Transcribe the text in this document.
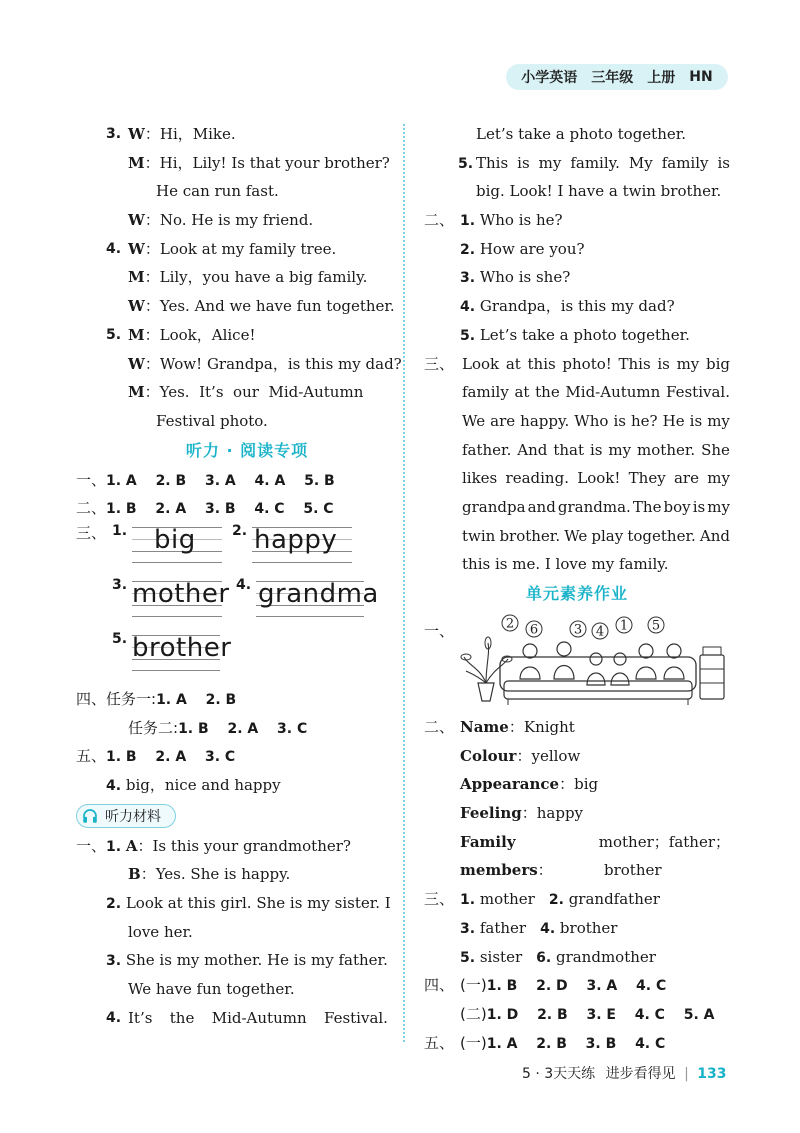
小学英语 三年级 上册 HN
3. W：Hi，Mike.
M：Hi，Lily! Is that your brother?
He can run fast.
W：No. He is my friend.
4. W：Look at my family tree.
M：Lily，you have a big family.
W：Yes. And we have fun together.
5. M：Look，Alice!
W：Wow! Grandpa，is this my dad?
M：Yes.  It’s  our  Mid-Autumn
Festival photo.
听力 · 阅读专项
一、 1. A 2. B 3. A 4. A 5. B
二、 1. B 2. A 3. B 4. C 5. C
三、 1. big	2. happy
3. mother 4. grandma
5. brother
四、 任务一:1. A 2. B
任务二:1. B 2. A 3. C
五、 1. B 2. A 3. C
4. big，nice and happy
听力材料
一、 1. A：Is this your grandmother?
B：Yes. She is happy.
2. Look at this girl. She is my sister. I
love her.
3. She is my mother. He is my father.
We have fun together.
4. It’s the Mid-Autumn Festival.
Let’s take a photo together.
5. This is my family. My family is
big. Look! I have a twin brother.
二、 1. Who is he?
2. How are you?
3. Who is she?
4. Grandpa，is this my dad?
5. Let’s take a photo together.
三、 Look at this photo! This is my big
family at the Mid-Autumn Festival.
We are happy. Who is he? He is my
father. And that is my mother. She
likes reading. Look! They are my
grandpa and grandma. The boy is my
twin brother. We play together. And
this is me. I love my family.
单元素养作业
一、	2 6	3 4 1 5
二、 Name：Knight
Colour：yellow
Appearance：big
Feeling：happy
Family members：
mother； father；
brother
三、 1. mother 2. grandfather
3. father 4. brother
5. sister 6. grandmother
四、 (一)1. B 2. D 3. A 4. C
(二)1. D 2. B 3. E 4. C 5. A
五、 (一)1. A 2. B 3. B 4. C
5 · 3天天练 进步看得见 | 133
